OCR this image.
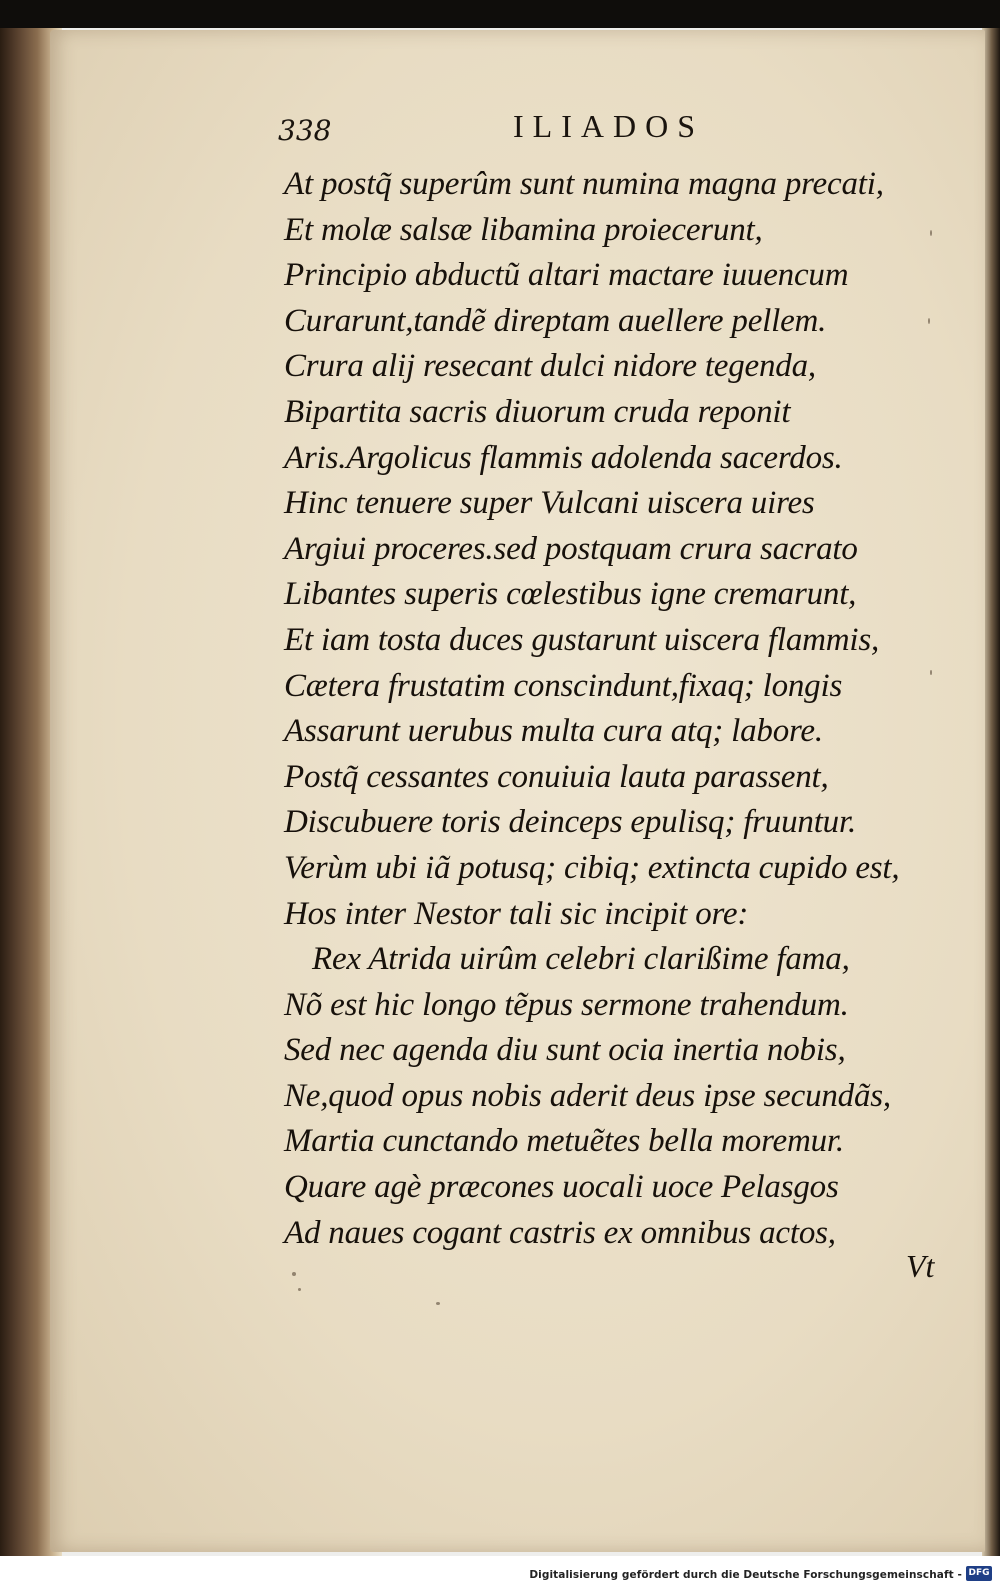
338	ILIADOS
At postq̃ superûm sunt numina magna precati,
Et molæ salsæ libamina proiecerunt,
Principio abductũ altari mactare iuuencum
Curarunt,tandẽ direptam auellere pellem.
Crura alij resecant dulci nidore tegenda,
Bipartita sacris diuorum cruda reponit
Aris.Argolicus flammis adolenda sacerdos.
Hinc tenuere super Vulcani uiscera uires
Argiui proceres.sed postquam crura sacrato
Libantes superis cœlestibus igne cremarunt,
Et iam tosta duces gustarunt uiscera flammis,
Cætera frustatim conscindunt,fixaq; longis
Assarunt uerubus multa cura atq; labore.
Postq̃ cessantes conuiuia lauta parassent,
Discubuere toris deinceps epulisq; fruuntur.
Verùm ubi iã potusq; cibiq; extincta cupido est,
Hos inter Nestor tali sic incipit ore:
Rex Atrida uirûm celebri clarißime fama,
Nõ est hic longo tẽpus sermone trahendum.
Sed nec agenda diu sunt ocia inertia nobis,
Ne,quod opus nobis aderit deus ipse secundãs,
Martia cunctando metuẽtes bella moremur.
Quare agè præcones uocali uoce Pelasgos
Ad naues cogant castris ex omnibus actos,
Vt
Digitalisierung gefördert durch die Deutsche Forschungsgemeinschaft - DFG
